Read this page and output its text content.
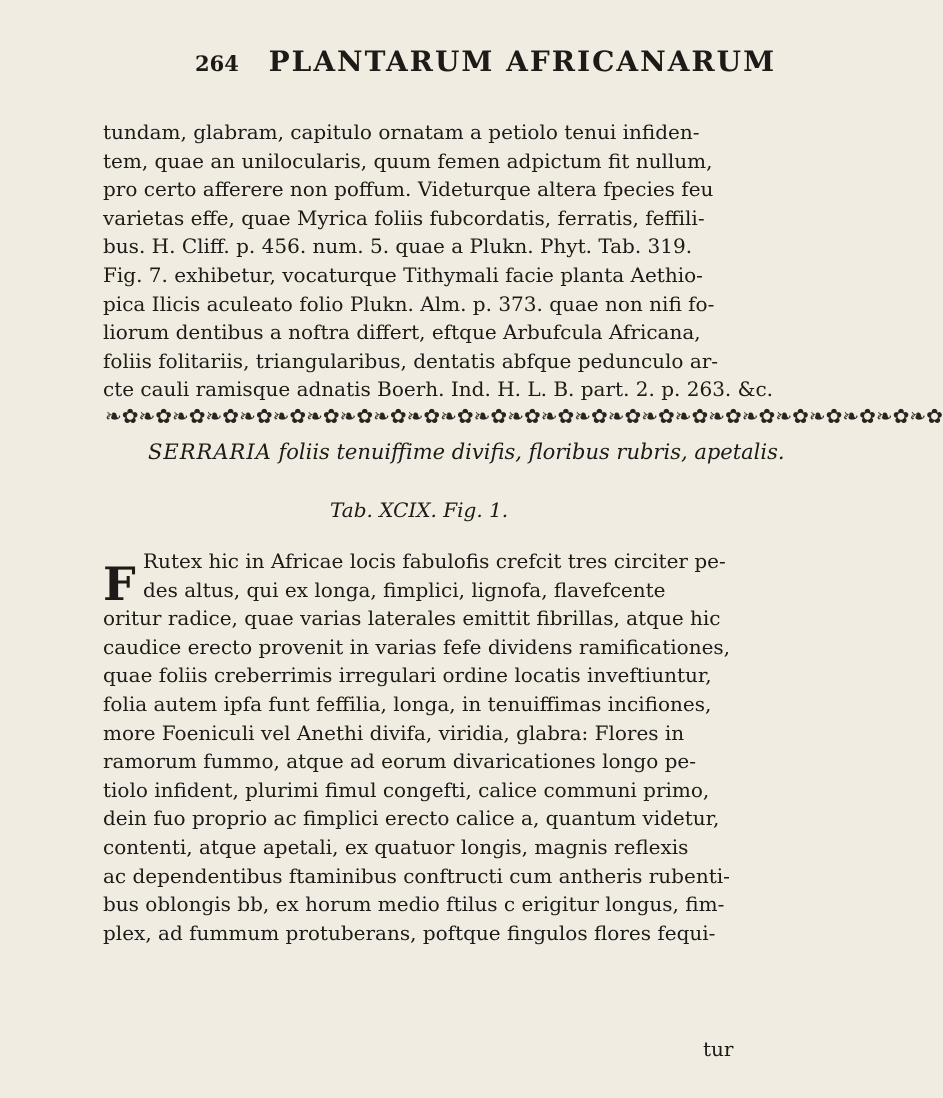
264 PLANTARUM AFRICANARUM
tundam, glabram, capitulo ornatam a petiolo tenui infiden-
tem, quae an unilocularis, quum femen adpictum fit nullum,
pro certo afferere non poffum. Videturque altera fpecies feu
varietas effe, quae Myrica foliis fubcordatis, ferratis, feffili-
bus. H. Cliff. p. 456. num. 5. quae a Plukn. Phyt. Tab. 319.
Fig. 7. exhibetur, vocaturque Tithymali facie planta Aethio-
pica Ilicis aculeato folio Plukn. Alm. p. 373. quae non nifi fo-
liorum dentibus a noftra differt, eftque Arbufcula Africana,
foliis folitariis, triangularibus, dentatis abfque pedunculo ar-
cte cauli ramisque adnatis Boerh. Ind. H. L. B. part. 2. p. 263. &c.
❧✿❧✿❧✿❧✿❧✿❧✿❧✿❧✿❧✿❧✿❧✿❧✿❧✿❧✿❧✿❧✿❧✿❧✿❧✿❧✿❧✿❧✿❧✿❧✿❧✿
SERRARIA foliis tenuiffime divifis, floribus rubris, apetalis.
Tab. XCIX. Fig. 1.
F Rutex hic in Africae locis fabulofis crefcit tres circiter pe-
des altus, qui ex longa, fimplici, lignofa, flavefcente
oritur radice, quae varias laterales emittit fibrillas, atque hic
caudice erecto provenit in varias fefe dividens ramificationes,
quae foliis creberrimis irregulari ordine locatis inveftiuntur,
folia autem ipfa funt feffilia, longa, in tenuiffimas incifiones,
more Foeniculi vel Anethi divifa, viridia, glabra: Flores in
ramorum fummo, atque ad eorum divaricationes longo pe-
tiolo infident, plurimi fimul congefti, calice communi primo,
dein fuo proprio ac fimplici erecto calice a, quantum videtur,
contenti, atque apetali, ex quatuor longis, magnis reflexis
ac dependentibus ftaminibus conftructi cum antheris rubenti-
bus oblongis bb, ex horum medio ftilus c erigitur longus, fim-
plex, ad fummum protuberans, poftque fingulos flores fequi-
tur
